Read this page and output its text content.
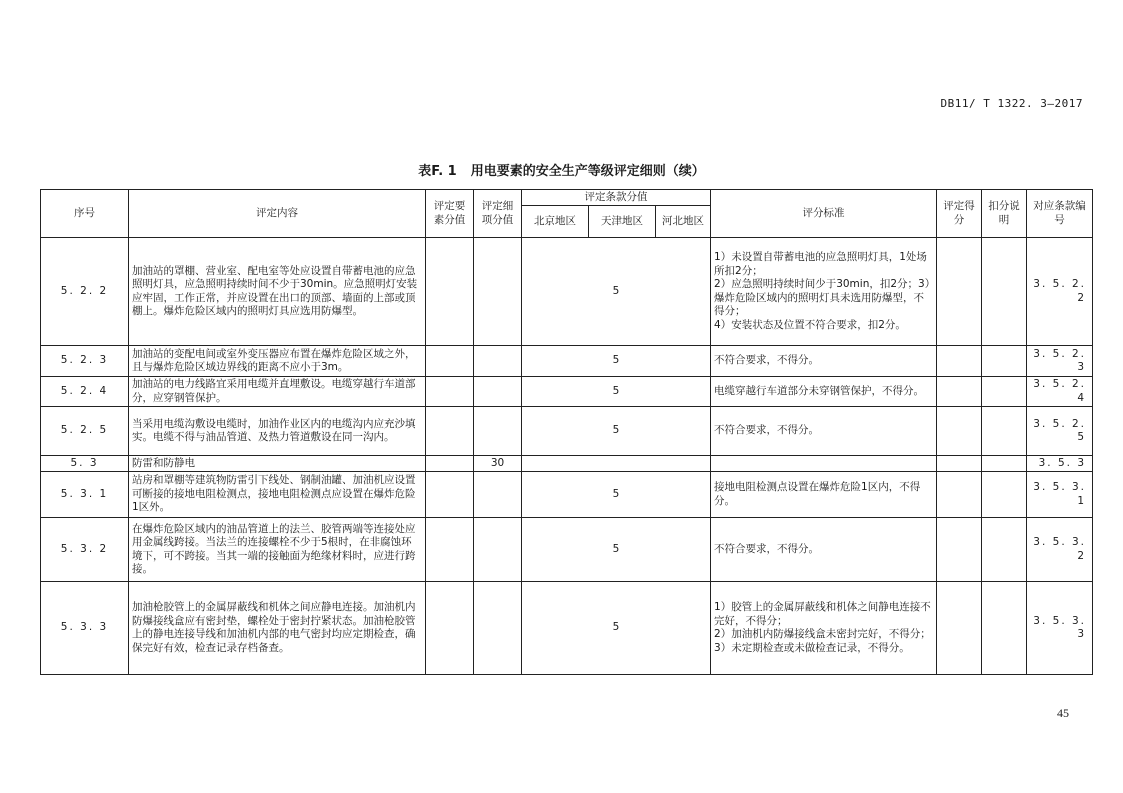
DB11/ T 1322. 3—2017
表F. 1 用电要素的安全生产等级评定细则（续）
序号	评定内容	评定要素分值	评定细项分值	评定条款分值			评分标准	评定得分	扣分说明	对应条款编号
				北京地区	天津地区	河北地区				

5. 2. 2	加油站的罩棚、营业室、配电室等处应设置自带蓄电池的应急照明灯具，应急照明持续时间不少于30min。应急照明灯安装应牢固，工作正常，并应设置在出口的顶部、墙面的上部或顶棚上。爆炸危险区域内的照明灯具应选用防爆型。			5			1）未设置自带蓄电池的应急照明灯具，1处场所扣2分；
2）应急照明持续时间少于30min，扣2分；3）爆炸危险区域内的照明灯具未选用防爆型，不得分；
4）安装状态及位置不符合要求，扣2分。			3. 5. 2. 2
5. 2. 3	加油站的变配电间或室外变压器应布置在爆炸危险区域之外，且与爆炸危险区域边界线的距离不应小于3m。			5			不符合要求，不得分。			3. 5. 2. 3
5. 2. 4	加油站的电力线路宜采用电缆并直埋敷设。电缆穿越行车道部分，应穿钢管保护。			5			电缆穿越行车道部分未穿钢管保护，不得分。			3. 5. 2. 4
5. 2. 5	当采用电缆沟敷设电缆时，加油作业区内的电缆沟内应充沙填实。电缆不得与油品管道、及热力管道敷设在同一沟内。			5			不符合要求，不得分。			3. 5. 2. 5
5. 3	防雷和防静电		30							3. 5. 3
5. 3. 1	站房和罩棚等建筑物防雷引下线处、钢制油罐、加油机应设置可断接的接地电阻检测点，接地电阻检测点应设置在爆炸危险1区外。			5			接地电阻检测点设置在爆炸危险1区内，不得分。			3. 5. 3. 1
5. 3. 2	在爆炸危险区域内的油品管道上的法兰、胶管两端等连接处应用金属线跨接。当法兰的连接螺栓不少于5根时，在非腐蚀环境下，可不跨接。当其一端的接触面为绝缘材料时，应进行跨接。			5			不符合要求，不得分。			3. 5. 3. 2
5. 3. 3	加油枪胶管上的金属屏蔽线和机体之间应静电连接。加油机内防爆接线盒应有密封垫，螺栓处于密封拧紧状态。加油枪胶管上的静电连接导线和加油机内部的电气密封均应定期检查，确保完好有效，检查记录存档备查。			5			1）胶管上的金属屏蔽线和机体之间静电连接不完好，不得分；
2）加油机内防爆接线盒未密封完好，不得分；
3）未定期检查或未做检查记录，不得分。			3. 5. 3. 3
45
